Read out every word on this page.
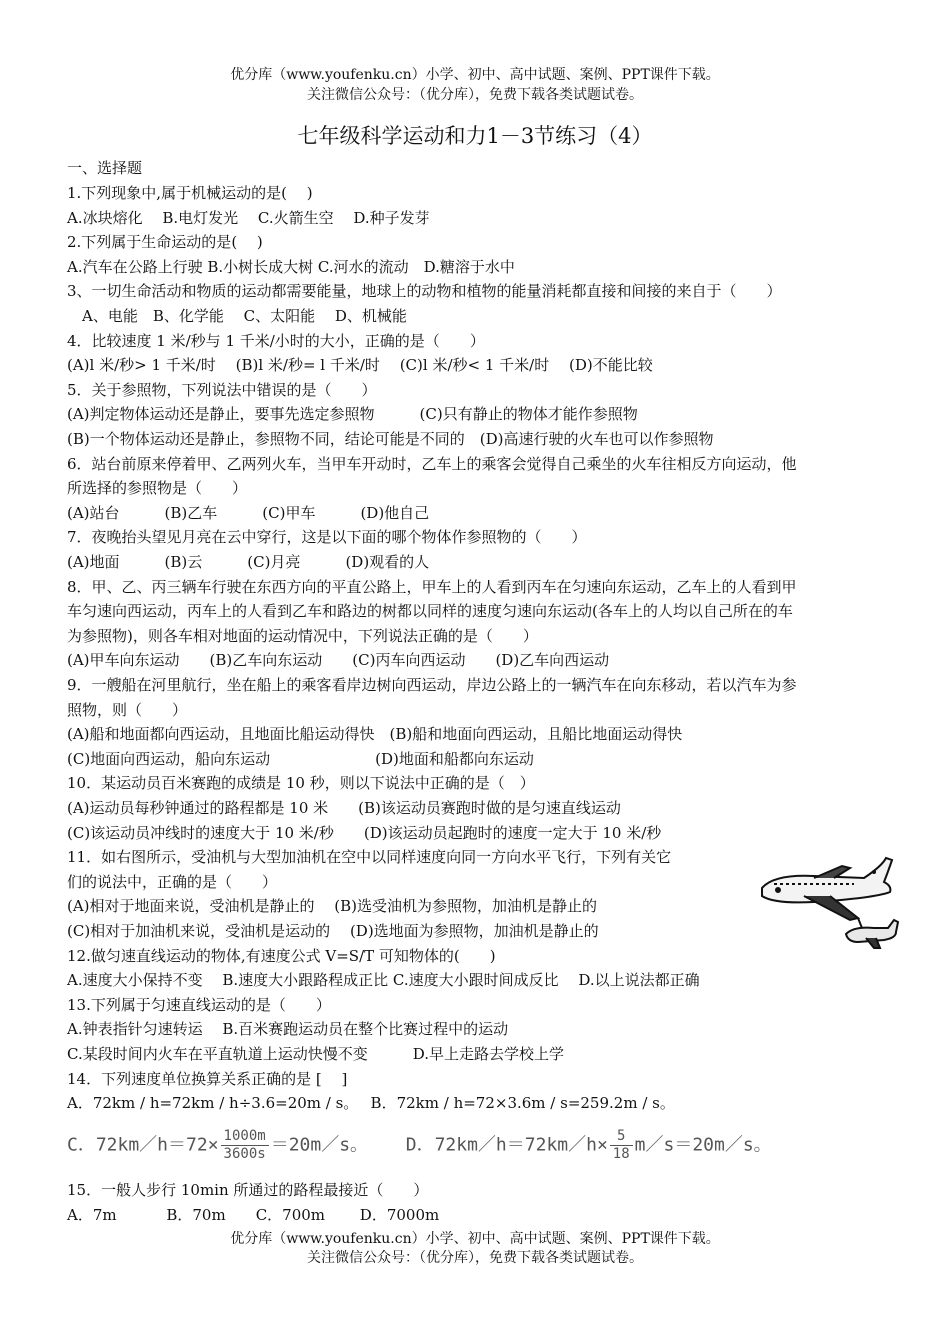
优分库（www.youfenku.cn）小学、初中、高中试题、案例、PPT课件下载。
关注微信公众号：（优分库），免费下载各类试题试卷。
七年级科学运动和力1－3节练习（4）
一、选择题
1.下列现象中,属于机械运动的是(　 )
A.冰块熔化　 B.电灯发光　 C.火箭生空　 D.种子发芽
2.下列属于生命运动的是(　 )
A.汽车在公路上行驶 B.小树长成大树 C.河水的流动　D.糖溶于水中
3、一切生命活动和物质的运动都需要能量，地球上的动物和植物的能量消耗都直接和间接的来自于（　　）
　A、电能　B、化学能　 C、太阳能　 D、机械能
4．比较速度 1 米/秒与 1 千米/小时的大小，正确的是（　　）
(A)l 米/秒> 1 千米/时　 (B)l 米/秒= l 千米/时　 (C)l 米/秒< 1 千米/时　 (D)不能比较
5．关于参照物，下列说法中错误的是（　　）
(A)判定物体运动还是静止，要事先选定参照物　　　(C)只有静止的物体才能作参照物
(B)一个物体运动还是静止，参照物不同，结论可能是不同的　(D)高速行驶的火车也可以作参照物
6．站台前原来停着甲、乙两列火车，当甲车开动时，乙车上的乘客会觉得自己乘坐的火车往相反方向运动，他
所选择的参照物是（　　）
(A)站台　　　(B)乙车　　　(C)甲车　　　(D)他自己
7．夜晚抬头望见月亮在云中穿行，这是以下面的哪个物体作参照物的（　　）
(A)地面　　　(B)云　　　(C)月亮　　　(D)观看的人
8．甲、乙、丙三辆车行驶在东西方向的平直公路上，甲车上的人看到丙车在匀速向东运动，乙车上的人看到甲
车匀速向西运动，丙车上的人看到乙车和路边的树都以同样的速度匀速向东运动(各车上的人均以自己所在的车
为参照物)，则各车相对地面的运动情况中，下列说法正确的是（　　）
(A)甲车向东运动　　(B)乙车向东运动　　(C)丙车向西运动　　(D)乙车向西运动
9．一艘船在河里航行，坐在船上的乘客看岸边树向西运动，岸边公路上的一辆汽车在向东移动，若以汽车为参
照物，则（　　）
(A)船和地面都向西运动，且地面比船运动得快　(B)船和地面向西运动，且船比地面运动得快
(C)地面向西运动，船向东运动　　　　　　　(D)地面和船都向东运动
10．某运动员百米赛跑的成绩是 10 秒，则以下说法中正确的是（　）
(A)运动员每秒钟通过的路程都是 10 米　　(B)该运动员赛跑时做的是匀速直线运动
(C)该运动员冲线时的速度大于 10 米/秒　　(D)该运动员起跑时的速度一定大于 10 米/秒
11．如右图所示，受油机与大型加油机在空中以同样速度向同一方向水平飞行，下列有关它
们的说法中，正确的是（　　）
(A)相对于地面来说，受油机是静止的　 (B)选受油机为参照物，加油机是静止的
(C)相对于加油机来说，受油机是运动的　 (D)选地面为参照物，加油机是静止的
12.做匀速直线运动的物体,有速度公式 V=S/T 可知物体的(　　)
A.速度大小保持不变　 B.速度大小跟路程成正比 C.速度大小跟时间成反比　 D.以上说法都正确
13.下列属于匀速直线运动的是（　　）
A.钟表指针匀速转运　 B.百米赛跑运动员在整个比赛过程中的运动
C.某段时间内火车在平直轨道上运动快慢不变　　　D.早上走路去学校上学
14．下列速度单位换算关系正确的是 [　 ]
A．72km / h=72km / h÷3.6=20m / s。　 B．72km / h=72×3.6m / s=259.2m / s。
C．72km／h＝72× $\frac{1000m}{3600s}$ ＝20m／s。 D．72km／h＝72km／h× $\frac{5}{18}$ m／s＝20m／s。
15．一般人步行 10min 所通过的路程最接近（　　）
A．7m　　　 B．70m　　C．700m　　 D．7000m
优分库（www.youfenku.cn）小学、初中、高中试题、案例、PPT课件下载。
关注微信公众号：（优分库），免费下载各类试题试卷。
